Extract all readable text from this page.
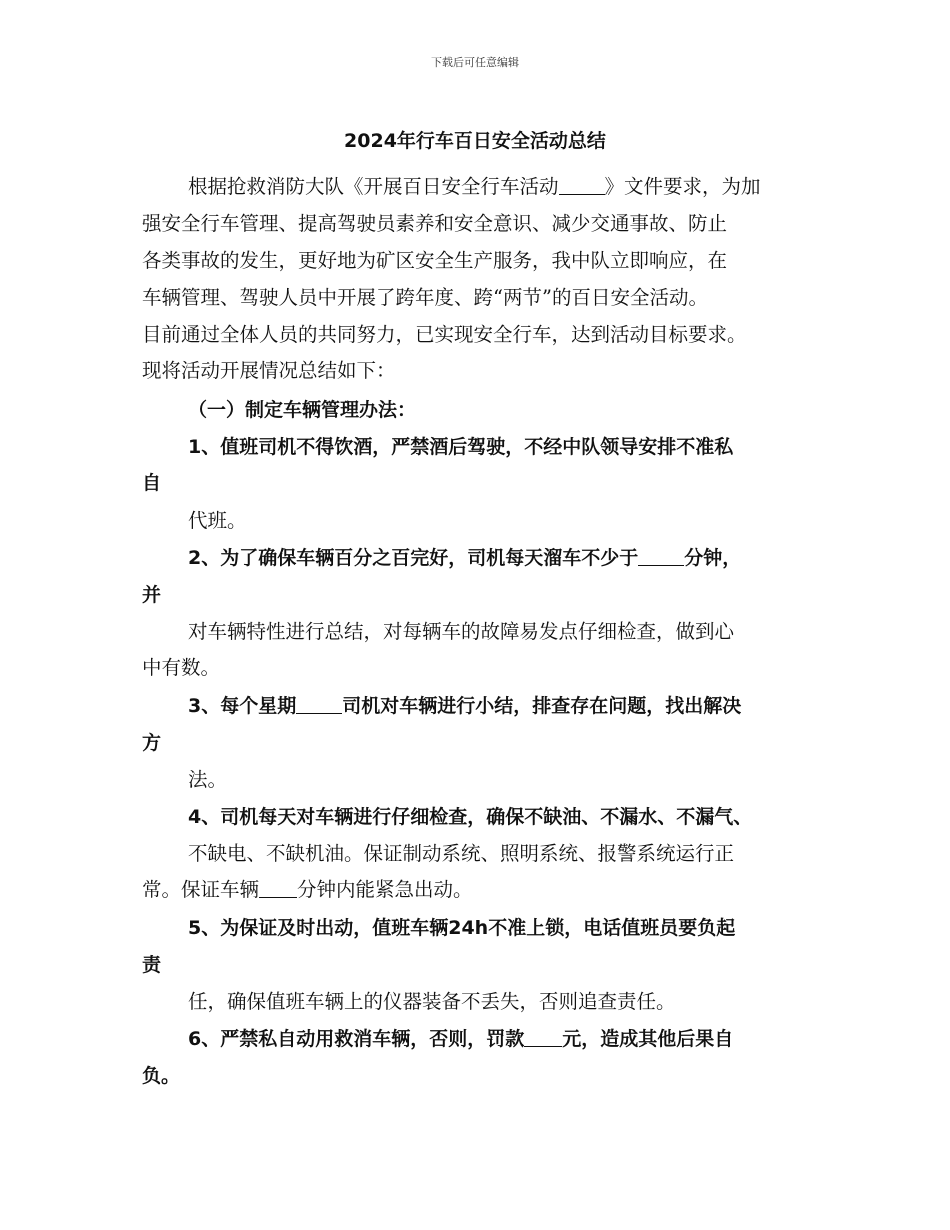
下载后可任意编辑
2024年行车百日安全活动总结
根据抢救消防大队《开展百日安全行车活动 》文件要求，为加
强安全行车管理、提高驾驶员素养和安全意识、减少交通事故、防止
各类事故的发生，更好地为矿区安全生产服务，我中队立即响应，在
车辆管理、驾驶人员中开展了跨年度、跨“两节”的百日安全活动。
目前通过全体人员的共同努力，已实现安全行车，达到活动目标要求。
现将活动开展情况总结如下：
（一）制定车辆管理办法：
1、值班司机不得饮酒，严禁酒后驾驶，不经中队领导安排不准私
自
代班。
2、为了确保车辆百分之百完好，司机每天溜车不少于 分钟，
并
对车辆特性进行总结，对每辆车的故障易发点仔细检查，做到心
中有数。
3、每个星期 司机对车辆进行小结，排查存在问题，找出解决
方
法。
4、司机每天对车辆进行仔细检查，确保不缺油、不漏水、不漏气、
不缺电、不缺机油。保证制动系统、照明系统、报警系统运行正
常。保证车辆 分钟内能紧急出动。
5、为保证及时出动，值班车辆24h不准上锁，电话值班员要负起
责
任，确保值班车辆上的仪器装备不丢失，否则追查责任。
6、严禁私自动用救消车辆，否则，罚款 元，造成其他后果自
负。
